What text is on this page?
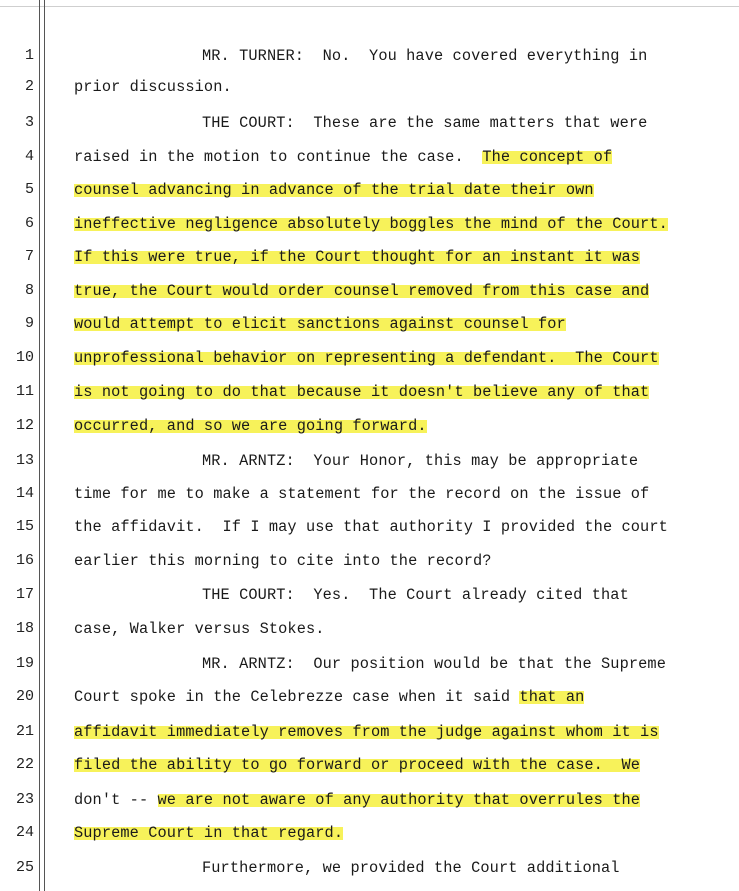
1	MR. TURNER:  No.  You have covered everything in
2	prior discussion.
3	THE COURT:  These are the same matters that were
4	raised in the motion to continue the case.  The concept of
5	counsel advancing in advance of the trial date their own
6	ineffective negligence absolutely boggles the mind of the Court.
7	If this were true, if the Court thought for an instant it was
8	true, the Court would order counsel removed from this case and
9	would attempt to elicit sanctions against counsel for
10	unprofessional behavior on representing a defendant.  The Court
11	is not going to do that because it doesn't believe any of that
12	occurred, and so we are going forward.
13	MR. ARNTZ:  Your Honor, this may be appropriate
14	time for me to make a statement for the record on the issue of
15	the affidavit.  If I may use that authority I provided the court
16	earlier this morning to cite into the record?
17	THE COURT:  Yes.  The Court already cited that
18	case, Walker versus Stokes.
19	MR. ARNTZ:  Our position would be that the Supreme
20	Court spoke in the Celebrezze case when it said that an
21	affidavit immediately removes from the judge against whom it is
22	filed the ability to go forward or proceed with the case.  We
23	don't -- we are not aware of any authority that overrules the
24	Supreme Court in that regard.
25	Furthermore, we provided the Court additional
